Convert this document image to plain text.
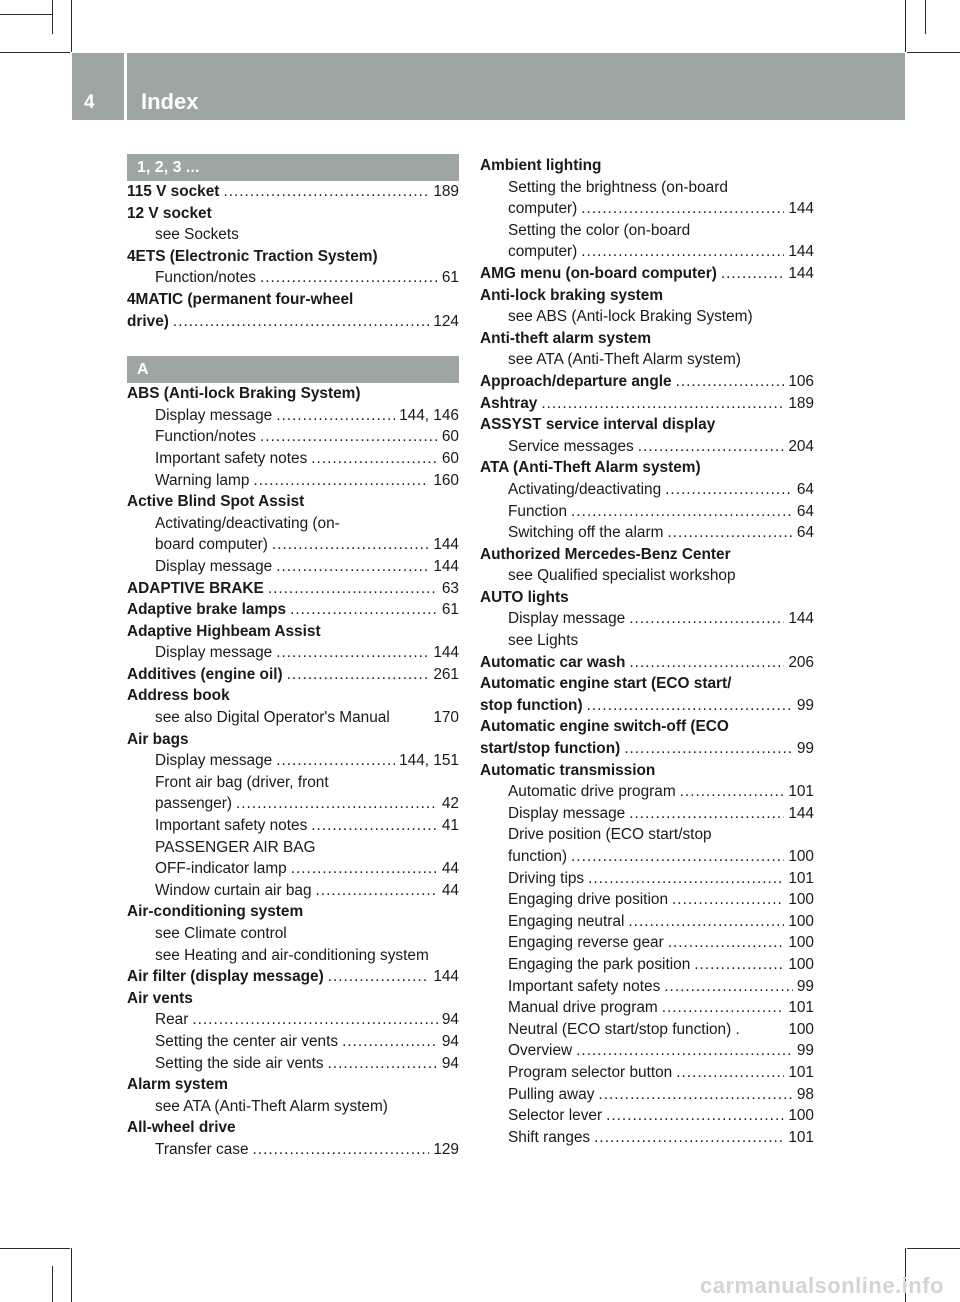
4 Index
1, 2, 3 ...
115 V socket .....	189
12 V socket
see Sockets
4ETS (Electronic Traction System)
Function/notes .....	61
4MATIC (permanent four-wheel
drive) .....	124
A
ABS (Anti-lock Braking System)
Display message .....	144, 146
Function/notes .....	60
Important safety notes .....	60
Warning lamp .....	160
Active Blind Spot Assist
Activating/deactivating (on-
board computer) .....	144
Display message .....	144
ADAPTIVE BRAKE .....	63
Adaptive brake lamps .....	61
Adaptive Highbeam Assist
Display message .....	144
Additives (engine oil) .....	261
Address book
see also Digital Operator's Manual	170
Air bags
Display message .....	144, 151
Front air bag (driver, front
passenger) .....	42
Important safety notes .....	41
PASSENGER AIR BAG
OFF-indicator lamp .....	44
Window curtain air bag .....	44
Air-conditioning system
see Climate control
see Heating and air-conditioning system
Air filter (display message) .....	144
Air vents
Rear .....	94
Setting the center air vents .....	94
Setting the side air vents .....	94
Alarm system
see ATA (Anti-Theft Alarm system)
All-wheel drive
Transfer case .....	129
Ambient lighting
Setting the brightness (on-board
computer) .....	144
Setting the color (on-board
computer) .....	144
AMG menu (on-board computer) .....	144
Anti-lock braking system
see ABS (Anti-lock Braking System)
Anti-theft alarm system
see ATA (Anti-Theft Alarm system)
Approach/departure angle .....	106
Ashtray .....	189
ASSYST service interval display
Service messages .....	204
ATA (Anti-Theft Alarm system)
Activating/deactivating .....	64
Function .....	64
Switching off the alarm .....	64
Authorized Mercedes-Benz Center
see Qualified specialist workshop
AUTO lights
Display message .....	144
see Lights
Automatic car wash .....	206
Automatic engine start (ECO start/
stop function) .....	99
Automatic engine switch-off (ECO
start/stop function) .....	99
Automatic transmission
Automatic drive program .....	101
Display message .....	144
Drive position (ECO start/stop
function) .....	100
Driving tips .....	101
Engaging drive position .....	100
Engaging neutral .....	100
Engaging reverse gear .....	100
Engaging the park position .....	100
Important safety notes .....	99
Manual drive program .....	101
Neutral (ECO start/stop function) .	100
Overview .....	99
Program selector button .....	101
Pulling away .....	98
Selector lever .....	100
Shift ranges .....	101
carmanualsonline.info
